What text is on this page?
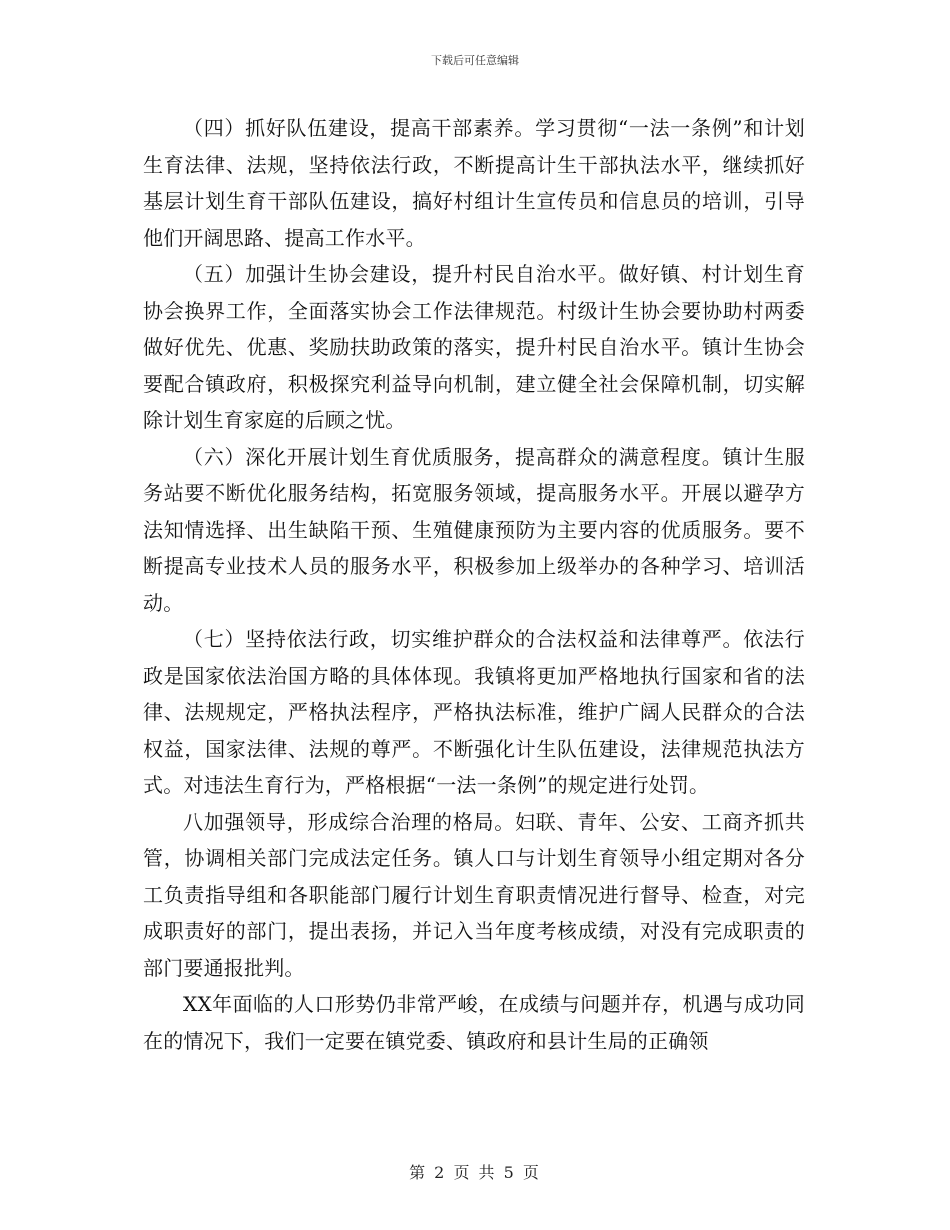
下载后可任意编辑

（四）抓好队伍建设，提高干部素养。学习贯彻“一法一条例”和计划生育法律、法规，坚持依法行政，不断提高计生干部执法水平，继续抓好基层计划生育干部队伍建设，搞好村组计生宣传员和信息员的培训，引导他们开阔思路、提高工作水平。

（五）加强计生协会建设，提升村民自治水平。做好镇、村计划生育协会换界工作，全面落实协会工作法律规范。村级计生协会要协助村两委做好优先、优惠、奖励扶助政策的落实，提升村民自治水平。镇计生协会要配合镇政府，积极探究利益导向机制，建立健全社会保障机制，切实解除计划生育家庭的后顾之忧。

（六）深化开展计划生育优质服务，提高群众的满意程度。镇计生服务站要不断优化服务结构，拓宽服务领域，提高服务水平。开展以避孕方法知情选择、出生缺陷干预、生殖健康预防为主要内容的优质服务。要不断提高专业技术人员的服务水平，积极参加上级举办的各种学习、培训活动。

（七）坚持依法行政，切实维护群众的合法权益和法律尊严。依法行政是国家依法治国方略的具体体现。我镇将更加严格地执行国家和省的法律、法规规定，严格执法程序，严格执法标准，维护广阔人民群众的合法权益，国家法律、法规的尊严。不断强化计生队伍建设，法律规范执法方式。对违法生育行为，严格根据“一法一条例”的规定进行处罚。

八加强领导，形成综合治理的格局。妇联、青年、公安、工商齐抓共管，协调相关部门完成法定任务。镇人口与计划生育领导小组定期对各分工负责指导组和各职能部门履行计划生育职责情况进行督导、检查，对完成职责好的部门，提出表扬，并记入当年度考核成绩，对没有完成职责的部门要通报批判。

XX年面临的人口形势仍非常严峻，在成绩与问题并存，机遇与成功同在的情况下，我们一定要在镇党委、镇政府和县计生局的正确领

第 2 页 共 5 页
